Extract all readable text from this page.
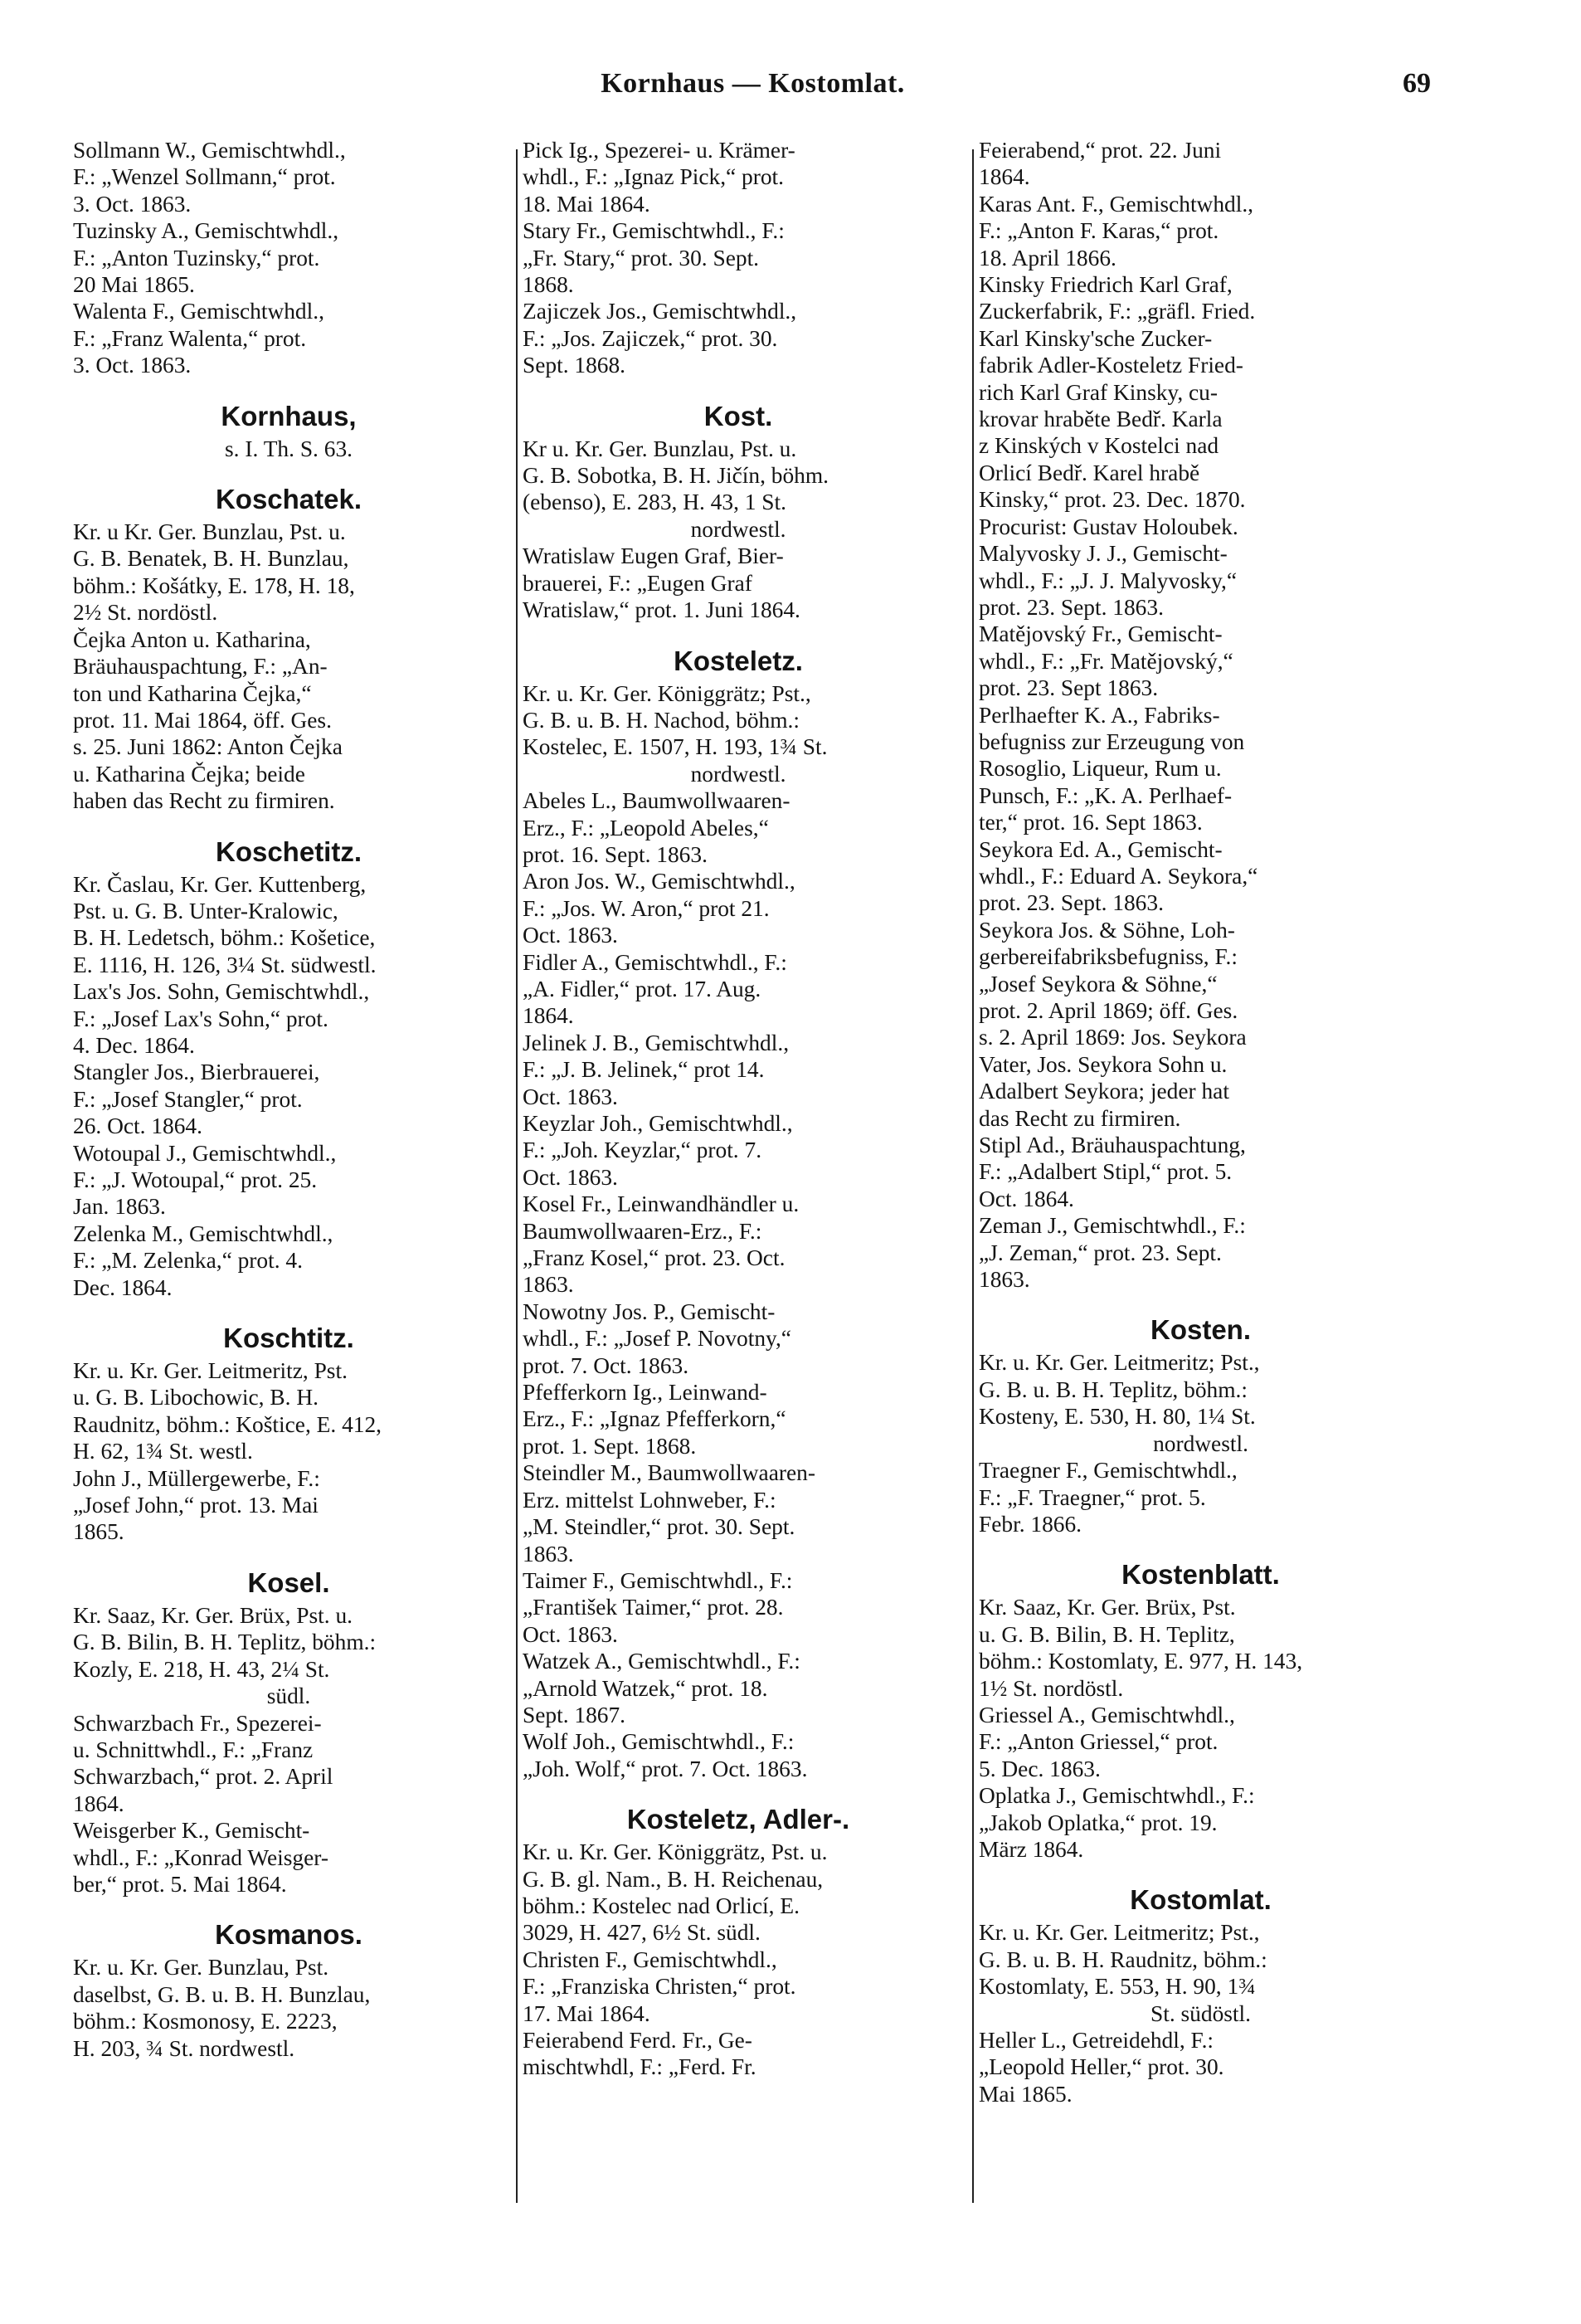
Kornhaus — Kostomlat.	69
Sollmann W., Gemischtwhdl.,
F.: „Wenzel Sollmann,“ prot.
3. Oct. 1863.
Tuzinsky A., Gemischtwhdl.,
F.: „Anton Tuzinsky,“ prot.
20 Mai 1865.
Walenta F., Gemischtwhdl.,
F.: „Franz Walenta,“ prot.
3. Oct. 1863.
Kornhaus,
s. I. Th. S. 63.
Koschatek.
Kr. u Kr. Ger. Bunzlau, Pst. u.
G. B. Benatek, B. H. Bunzlau,
böhm.: Košátky, E. 178, H. 18,
2½ St. nordöstl.
Čejka Anton u. Katharina,
Bräuhauspachtung, F.: „An-
ton und Katharina Čejka,“
prot. 11. Mai 1864, öff. Ges.
s. 25. Juni 1862: Anton Čejka
u. Katharina Čejka; beide
haben das Recht zu firmiren.
Koschetitz.
Kr. Časlau, Kr. Ger. Kuttenberg,
Pst. u. G. B. Unter-Kralowic,
B. H. Ledetsch, böhm.: Košetice,
E. 1116, H. 126, 3¼ St. südwestl.
Lax's Jos. Sohn, Gemischtwhdl.,
F.: „Josef Lax's Sohn,“ prot.
4. Dec. 1864.
Stangler Jos., Bierbrauerei,
F.: „Josef Stangler,“ prot.
26. Oct. 1864.
Wotoupal J., Gemischtwhdl.,
F.: „J. Wotoupal,“ prot. 25.
Jan. 1863.
Zelenka M., Gemischtwhdl.,
F.: „M. Zelenka,“ prot. 4.
Dec. 1864.
Koschtitz.
Kr. u. Kr. Ger. Leitmeritz, Pst.
u. G. B. Libochowic, B. H.
Raudnitz, böhm.: Koštice, E. 412,
H. 62, 1¾ St. westl.
John J., Müllergewerbe, F.:
„Josef John,“ prot. 13. Mai
1865.
Kosel.
Kr. Saaz, Kr. Ger. Brüx, Pst. u.
G. B. Bilin, B. H. Teplitz, böhm.:
Kozly, E. 218, H. 43, 2¼ St.
südl.
Schwarzbach Fr., Spezerei-
u. Schnittwhdl., F.: „Franz
Schwarzbach,“ prot. 2. April
1864.
Weisgerber K., Gemischt-
whdl., F.: „Konrad Weisger-
ber,“ prot. 5. Mai 1864.
Kosmanos.
Kr. u. Kr. Ger. Bunzlau, Pst.
daselbst, G. B. u. B. H. Bunzlau,
böhm.: Kosmonosy, E. 2223,
H. 203, ¾ St. nordwestl.
Pick Ig., Spezerei- u. Krämer-
whdl., F.: „Ignaz Pick,“ prot.
18. Mai 1864.
Stary Fr., Gemischtwhdl., F.:
„Fr. Stary,“ prot. 30. Sept.
1868.
Zajiczek Jos., Gemischtwhdl.,
F.: „Jos. Zajiczek,“ prot. 30.
Sept. 1868.
Kost.
Kr u. Kr. Ger. Bunzlau, Pst. u.
G. B. Sobotka, B. H. Jičín, böhm.
(ebenso), E. 283, H. 43, 1 St.
nordwestl.
Wratislaw Eugen Graf, Bier-
brauerei, F.: „Eugen Graf
Wratislaw,“ prot. 1. Juni 1864.
Kosteletz.
Kr. u. Kr. Ger. Königgrätz; Pst.,
G. B. u. B. H. Nachod, böhm.:
Kostelec, E. 1507, H. 193, 1¾ St.
nordwestl.
Abeles L., Baumwollwaaren-
Erz., F.: „Leopold Abeles,“
prot. 16. Sept. 1863.
Aron Jos. W., Gemischtwhdl.,
F.: „Jos. W. Aron,“ prot 21.
Oct. 1863.
Fidler A., Gemischtwhdl., F.:
„A. Fidler,“ prot. 17. Aug.
1864.
Jelinek J. B., Gemischtwhdl.,
F.: „J. B. Jelinek,“ prot 14.
Oct. 1863.
Keyzlar Joh., Gemischtwhdl.,
F.: „Joh. Keyzlar,“ prot. 7.
Oct. 1863.
Kosel Fr., Leinwandhändler u.
Baumwollwaaren-Erz., F.:
„Franz Kosel,“ prot. 23. Oct.
1863.
Nowotny Jos. P., Gemischt-
whdl., F.: „Josef P. Novotny,“
prot. 7. Oct. 1863.
Pfefferkorn Ig., Leinwand-
Erz., F.: „Ignaz Pfefferkorn,“
prot. 1. Sept. 1868.
Steindler M., Baumwollwaaren-
Erz. mittelst Lohnweber, F.:
„M. Steindler,“ prot. 30. Sept.
1863.
Taimer F., Gemischtwhdl., F.:
„František Taimer,“ prot. 28.
Oct. 1863.
Watzek A., Gemischtwhdl., F.:
„Arnold Watzek,“ prot. 18.
Sept. 1867.
Wolf Joh., Gemischtwhdl., F.:
„Joh. Wolf,“ prot. 7. Oct. 1863.
Kosteletz, Adler-.
Kr. u. Kr. Ger. Königgrätz, Pst. u.
G. B. gl. Nam., B. H. Reichenau,
böhm.: Kostelec nad Orlicí, E.
3029, H. 427, 6½ St. südl.
Christen F., Gemischtwhdl.,
F.: „Franziska Christen,“ prot.
17. Mai 1864.
Feierabend Ferd. Fr., Ge-
mischtwhdl, F.: „Ferd. Fr.
Feierabend,“ prot. 22. Juni
1864.
Karas Ant. F., Gemischtwhdl.,
F.: „Anton F. Karas,“ prot.
18. April 1866.
Kinsky Friedrich Karl Graf,
Zuckerfabrik, F.: „gräfl. Fried.
Karl Kinsky'sche Zucker-
fabrik Adler-Kosteletz Fried-
rich Karl Graf Kinsky, cu-
krovar hraběte Bedř. Karla
z Kinských v Kostelci nad
Orlicí Bedř. Karel hrabě
Kinsky,“ prot. 23. Dec. 1870.
Procurist: Gustav Holoubek.
Malyvosky J. J., Gemischt-
whdl., F.: „J. J. Malyvosky,“
prot. 23. Sept. 1863.
Matějovský Fr., Gemischt-
whdl., F.: „Fr. Matějovský,“
prot. 23. Sept 1863.
Perlhaefter K. A., Fabriks-
befugniss zur Erzeugung von
Rosoglio, Liqueur, Rum u.
Punsch, F.: „K. A. Perlhaef-
ter,“ prot. 16. Sept 1863.
Seykora Ed. A., Gemischt-
whdl., F.: Eduard A. Seykora,“
prot. 23. Sept. 1863.
Seykora Jos. & Söhne, Loh-
gerbereifabriksbefugniss, F.:
„Josef Seykora & Söhne,“
prot. 2. April 1869; öff. Ges.
s. 2. April 1869: Jos. Seykora
Vater, Jos. Seykora Sohn u.
Adalbert Seykora; jeder hat
das Recht zu firmiren.
Stipl Ad., Bräuhauspachtung,
F.: „Adalbert Stipl,“ prot. 5.
Oct. 1864.
Zeman J., Gemischtwhdl., F.:
„J. Zeman,“ prot. 23. Sept.
1863.
Kosten.
Kr. u. Kr. Ger. Leitmeritz; Pst.,
G. B. u. B. H. Teplitz, böhm.:
Kosteny, E. 530, H. 80, 1¼ St.
nordwestl.
Traegner F., Gemischtwhdl.,
F.: „F. Traegner,“ prot. 5.
Febr. 1866.
Kostenblatt.
Kr. Saaz, Kr. Ger. Brüx, Pst.
u. G. B. Bilin, B. H. Teplitz,
böhm.: Kostomlaty, E. 977, H. 143,
1½ St. nordöstl.
Griessel A., Gemischtwhdl.,
F.: „Anton Griessel,“ prot.
5. Dec. 1863.
Oplatka J., Gemischtwhdl., F.:
„Jakob Oplatka,“ prot. 19.
März 1864.
Kostomlat.
Kr. u. Kr. Ger. Leitmeritz; Pst.,
G. B. u. B. H. Raudnitz, böhm.:
Kostomlaty, E. 553, H. 90, 1¾
St. südöstl.
Heller L., Getreidehdl, F.:
„Leopold Heller,“ prot. 30.
Mai 1865.
